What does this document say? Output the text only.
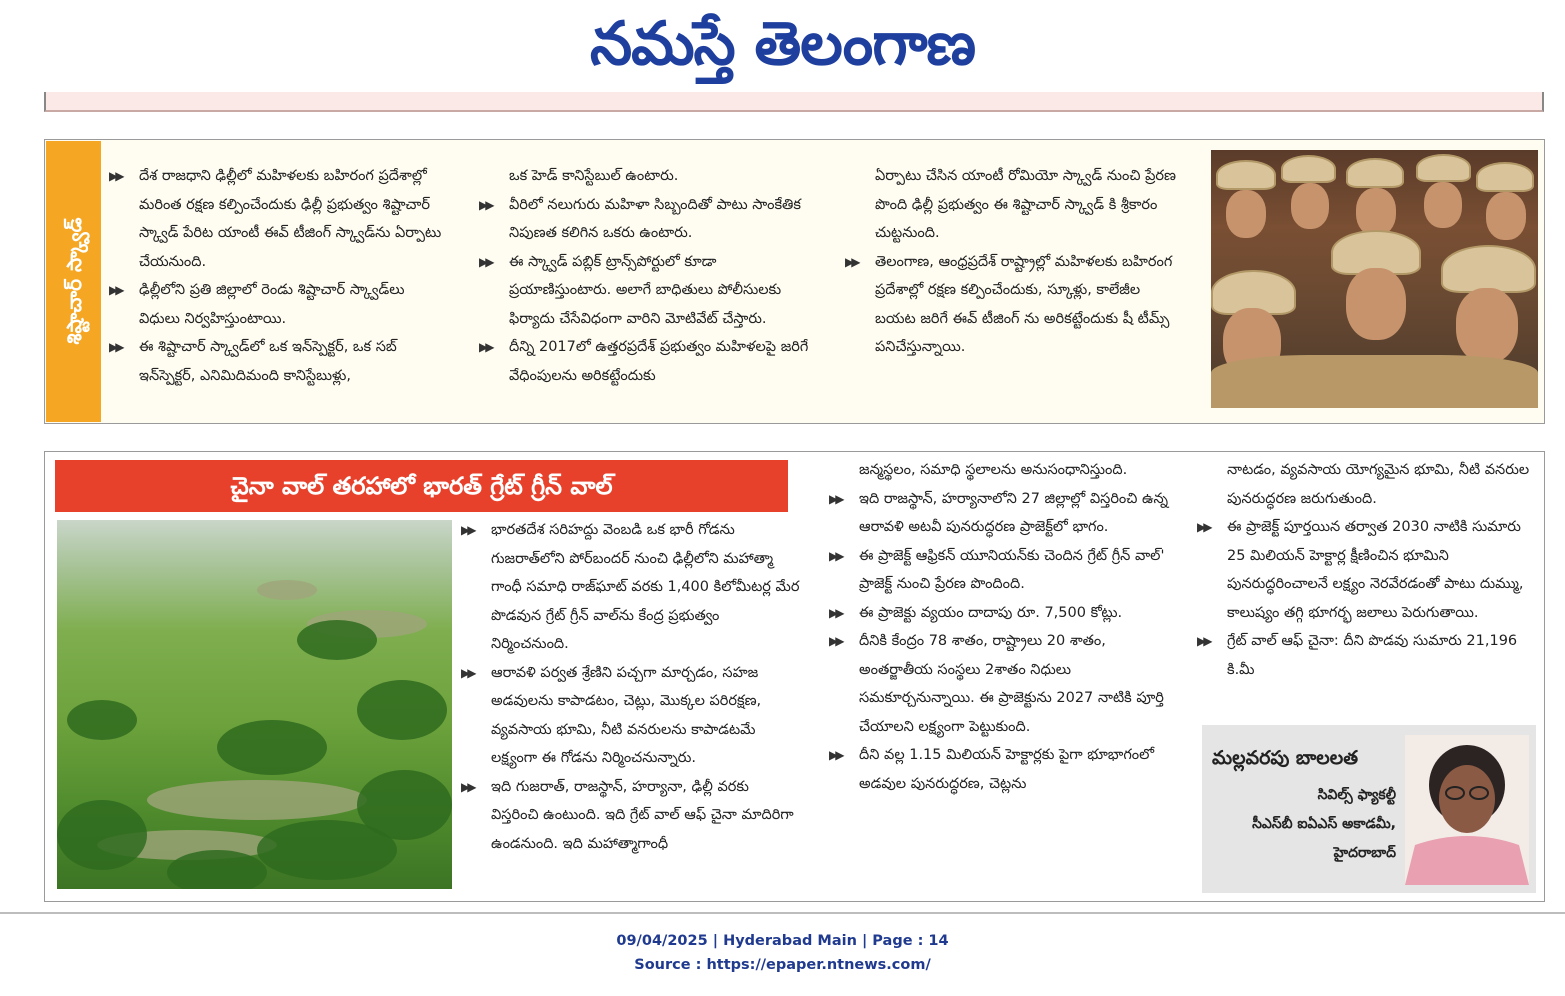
నమస్తే తెలంగాణ
శిష్టాచార్‌ స్క్వాడ్‌
▶▶	దేశ రాజధాని ఢిల్లీలో మహిళలకు బహిరంగ ప్రదేశాల్లో మరింత రక్షణ కల్పించేందుకు ఢిల్లీ ప్రభుత్వం శిష్టాచార్‌ స్క్వాడ్‌ పేరిట యాంటీ ఈవ్‌ టీజింగ్‌ స్క్వాడ్‌ను ఏర్పాటు చేయనుంది.
▶▶	ఢిల్లీలోని ప్రతి జిల్లాలో రెండు శిష్టాచార్‌ స్క్వాడ్‌లు విధులు నిర్వహిస్తుంటాయి.
▶▶	ఈ శిష్టాచార్‌ స్క్వాడ్‌లో ఒక ఇన్‌స్పెక్టర్‌, ఒక సబ్‌ ఇన్‌స్పెక్టర్‌, ఎనిమిదిమంది కానిస్టేబుళ్లు,
ఒక హెడ్‌ కానిస్టేబుల్‌ ఉంటారు.
▶▶	వీరిలో నలుగురు మహిళా సిబ్బందితో పాటు సాంకేతిక నిపుణత కలిగిన ఒకరు ఉంటారు.
▶▶	ఈ స్క్వాడ్‌ పబ్లిక్‌ ట్రాన్స్‌పోర్టులో కూడా ప్రయాణిస్తుంటారు. అలాగే బాధితులు పోలీసులకు ఫిర్యాదు చేసేవిధంగా వారిని మోటివేట్‌ చేస్తారు.
▶▶	దీన్ని 2017లో ఉత్తరప్రదేశ్‌ ప్రభుత్వం మహిళలపై జరిగే వేధింపులను అరికట్టేందుకు
ఏర్పాటు చేసిన యాంటీ రోమియో స్క్వాడ్‌ నుంచి ప్రేరణ పొంది ఢిల్లీ ప్రభుత్వం ఈ శిష్టాచార్‌ స్క్వాడ్‌ కి శ్రీకారం చుట్టనుంది.
▶▶	తెలంగాణ, ఆంధ్రప్రదేశ్‌ రాష్ట్రాల్లో మహిళలకు బహిరంగ ప్రదేశాల్లో రక్షణ కల్పించేందుకు, స్కూళ్లు, కాలేజీల బయట జరిగే ఈవ్‌ టీజింగ్‌ ను అరికట్టేందుకు షీ టీమ్స్‌ పనిచేస్తున్నాయి.
చైనా వాల్‌ తరహాలో భారత్‌ గ్రేట్‌ గ్రీన్‌ వాల్‌
▶▶	భారతదేశ సరిహద్దు వెంబడి ఒక భారీ గోడను గుజరాత్‌లోని పోర్‌బందర్‌ నుంచి ఢిల్లీలోని మహాత్మా గాంధీ సమాధి రాజ్‌ఘాట్‌ వరకు 1,400 కిలోమీటర్ల మేర పొడవున గ్రేట్‌ గ్రీన్‌ వాల్‌ను కేంద్ర ప్రభుత్వం నిర్మించనుంది.
▶▶	ఆరావళి పర్వత శ్రేణిని పచ్చగా మార్చడం, సహజ అడవులను కాపాడటం, చెట్లు, మొక్కల పరిరక్షణ, వ్యవసాయ భూమి, నీటి వనరులను కాపాడటమే లక్ష్యంగా ఈ గోడను నిర్మించనున్నారు.
▶▶	ఇది గుజరాత్‌, రాజస్థాన్‌, హర్యానా, ఢిల్లీ వరకు విస్తరించి ఉంటుంది. ఇది గ్రేట్‌ వాల్‌ ఆఫ్‌ చైనా మాదిరిగా ఉండనుంది. ఇది మహాత్మాగాంధీ
జన్మస్థలం, సమాధి స్థలాలను అనుసంధానిస్తుంది.
▶▶	ఇది రాజస్థాన్‌, హర్యానాలోని 27 జిల్లాల్లో విస్తరించి ఉన్న ఆరావళి అటవీ పునరుద్ధరణ ప్రాజెక్ట్‌లో భాగం.
▶▶	ఈ ప్రాజెక్ట్‌ ఆఫ్రికన్‌ యూనియన్‌కు చెందిన గ్రేట్‌ గ్రీన్‌ వాల్‌' ప్రాజెక్ట్‌ నుంచి ప్రేరణ పొందింది.
▶▶	ఈ ప్రాజెక్టు వ్యయం దాదాపు రూ. 7,500 కోట్లు.
▶▶	దీనికి కేంద్రం 78 శాతం, రాష్ట్రాలు 20 శాతం, అంతర్జాతీయ సంస్థలు 2శాతం నిధులు సమకూర్చనున్నాయి. ఈ ప్రాజెక్టును 2027 నాటికి పూర్తి చేయాలని లక్ష్యంగా పెట్టుకుంది.
▶▶	దీని వల్ల 1.15 మిలియన్‌ హెక్టార్లకు పైగా భూభాగంలో అడవుల పునరుద్ధరణ, చెట్లను
నాటడం, వ్యవసాయ యోగ్యమైన భూమి, నీటి వనరుల పునరుద్ధరణ జరుగుతుంది.
▶▶	ఈ ప్రాజెక్ట్‌ పూర్తయిన తర్వాత 2030 నాటికి సుమారు 25 మిలియన్‌ హెక్టార్ల క్షీణించిన భూమిని పునరుద్ధరించాలనే లక్ష్యం నెరవేరడంతో పాటు దుమ్ము, కాలుష్యం తగ్గి భూగర్భ జలాలు పెరుగుతాయి.
▶▶	గ్రేట్‌ వాల్‌ ఆఫ్‌ చైనా: దీని పొడవు సుమారు 21,196 కి.మీ
మల్లవరపు బాలలత
సివిల్స్‌ ఫ్యాకల్టీ
సీఎస్‌బీ ఐఏఎస్‌ అకాడమీ,
హైదరాబాద్‌
09/04/2025 | Hyderabad Main | Page : 14
Source : https://epaper.ntnews.com/
